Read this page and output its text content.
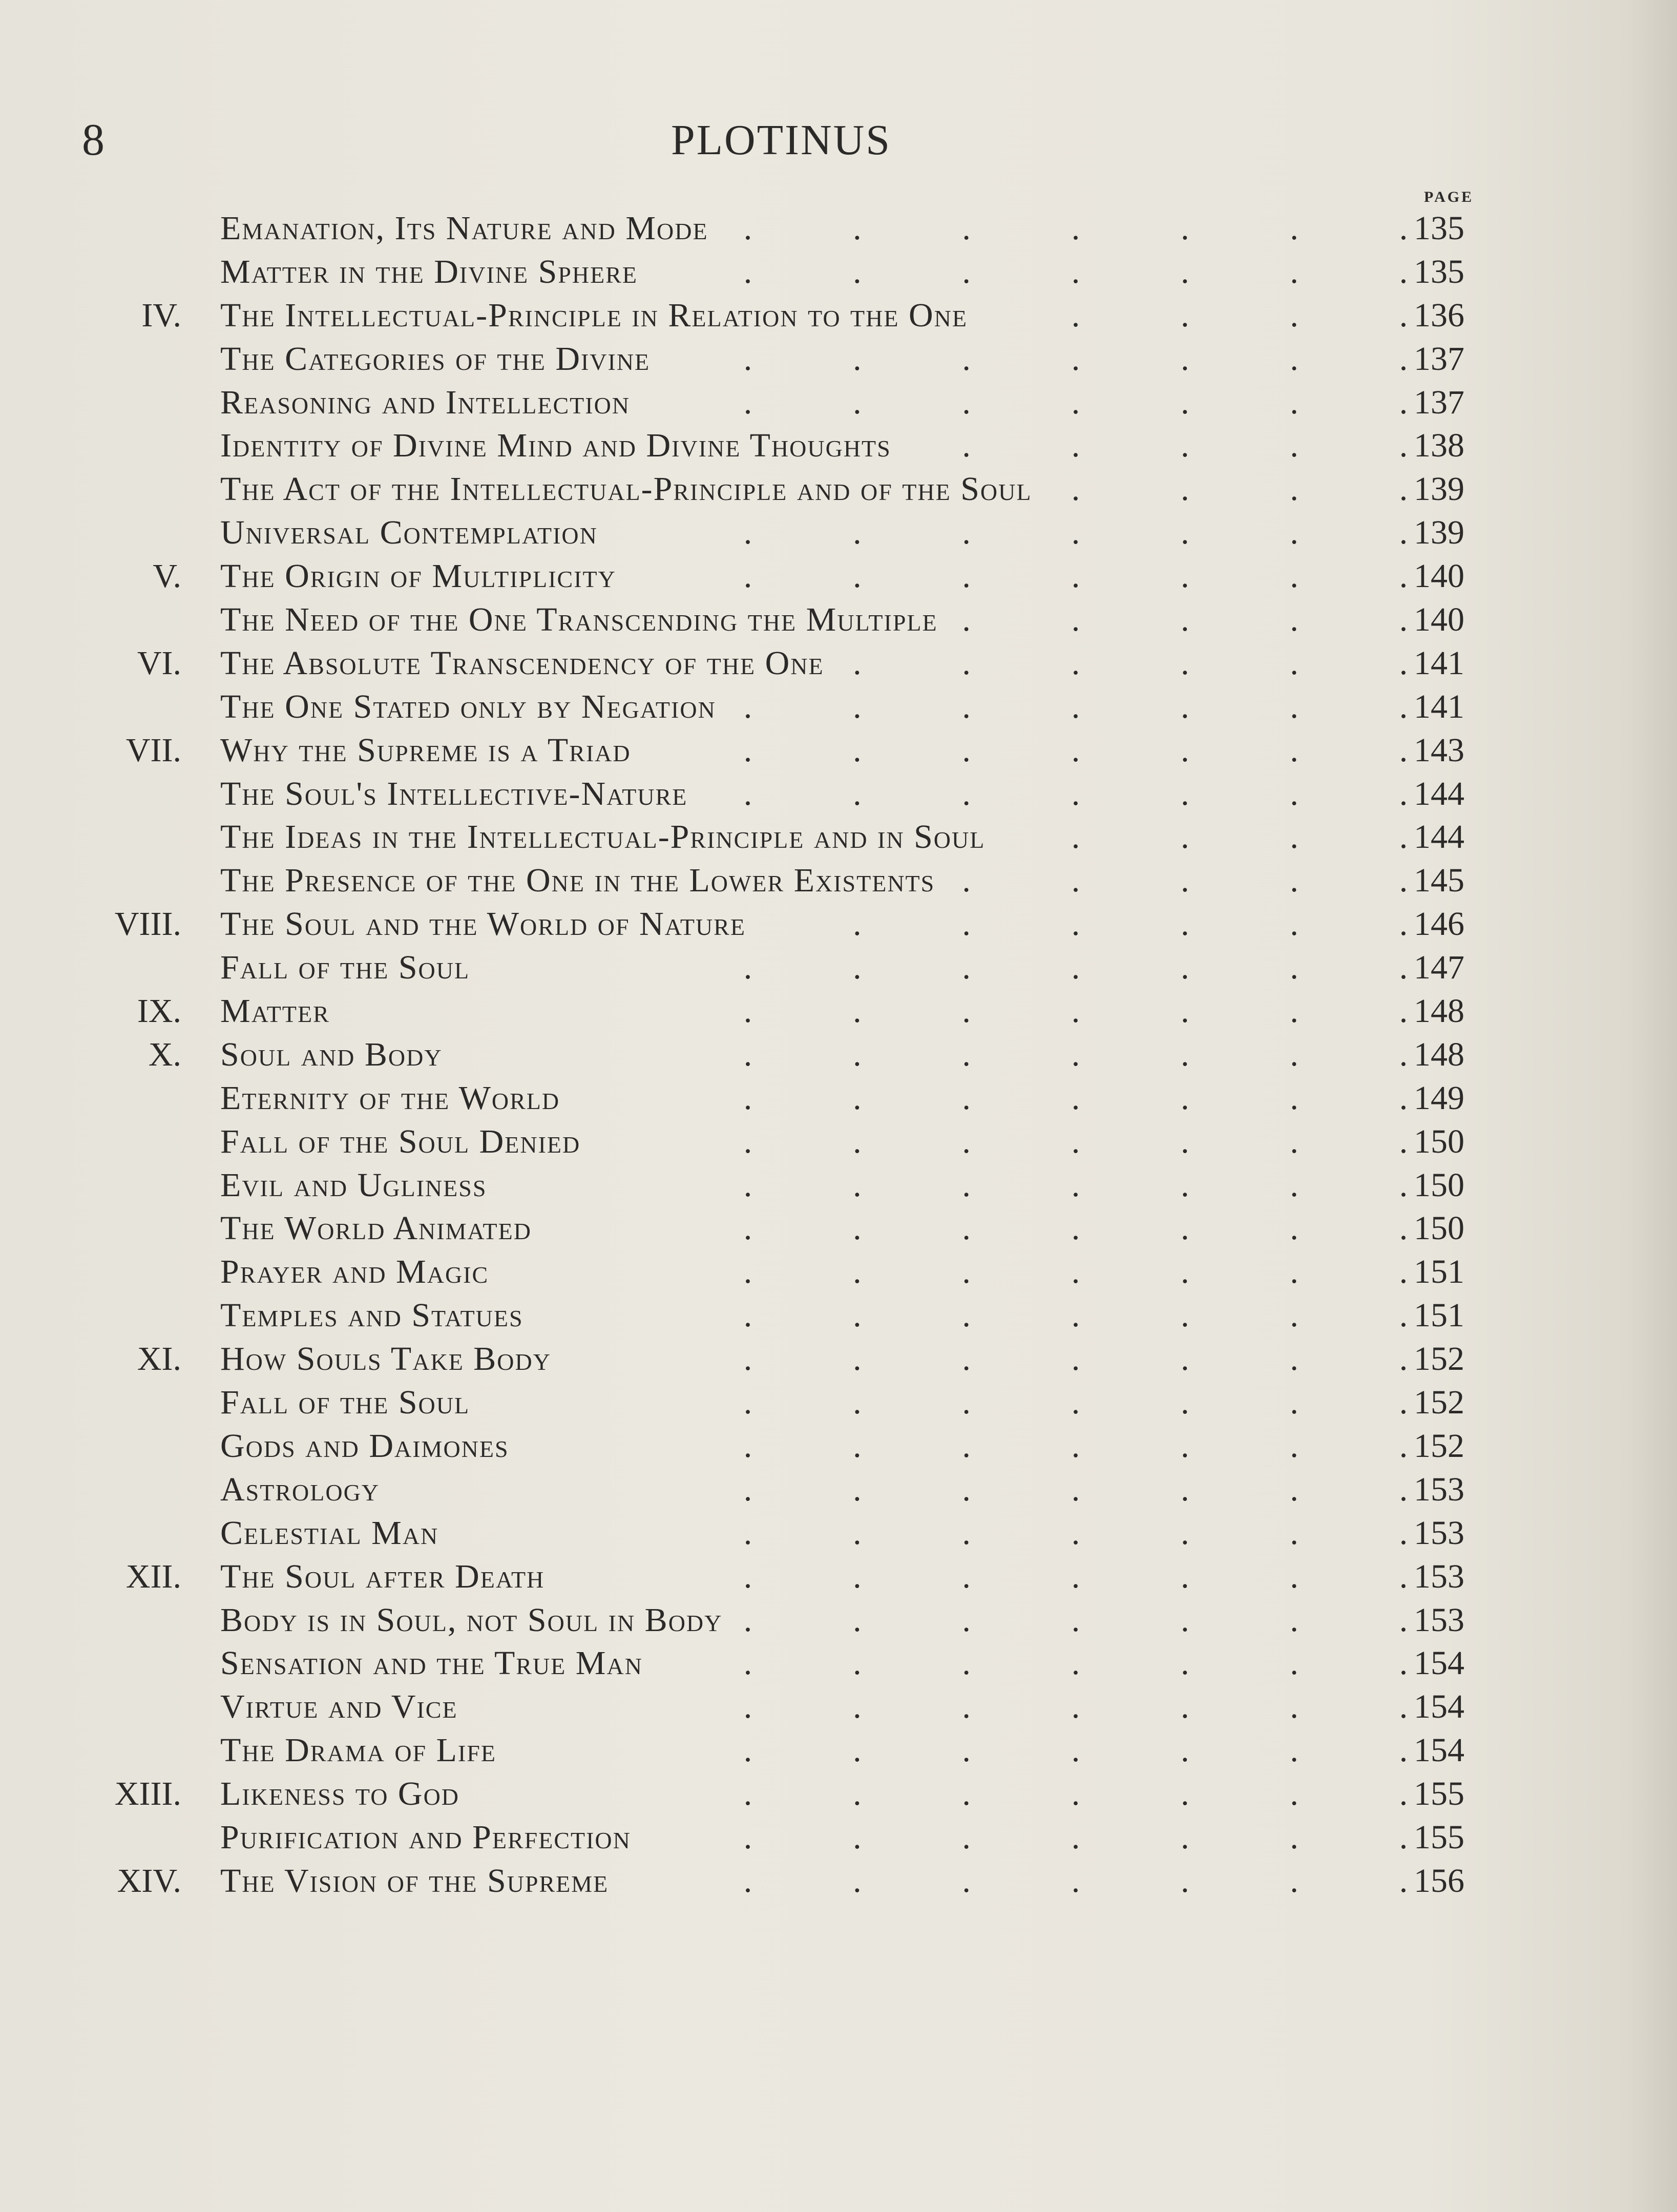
8	PLOTINUS
PAGE
Emanation, Its Nature and Mode .	.	.	.	.	.	. 135
Matter in the Divine Sphere	.	.	.	.	.	.	. 135
IV. The Intellectual-Principle in Relation to the One	.	.	.	. 136
The Categories of the Divine	.	.	.	.	.	.	. 137
Reasoning and Intellection	.	.	.	.	.	.	. 137
Identity of Divine Mind and Divine Thoughts .	.	.	.	. 138
The Act of the Intellectual-Principle and of the Soul .	.	.	. 139
Universal Contemplation	.	.	.	.	.	.	. 139
V. The Origin of Multiplicity	.	.	.	.	.	.	. 140
The Need of the One Transcending the Multiple .	.	.	.	. 140
VI. The Absolute Transcendency of the One .	.	.	.	.	. 141
The One Stated only by Negation .	.	.	.	.	.	. 141
VII. Why the Supreme is a Triad	.	.	.	.	.	.	. 143
The Soul's Intellective-Nature .	.	.	.	.	.	. 144
The Ideas in the Intellectual-Principle and in Soul	.	.	.	. 144
The Presence of the One in the Lower Existents .	.	.	.	. 145
VIII. The Soul and the World of Nature	.	.	.	.	.	. 146
Fall of the Soul	.	.	.	.	.	.	. 147
IX. Matter	.	.	.	.	.	.	. 148
X. Soul and Body	.	.	.	.	.	.	. 148
Eternity of the World	.	.	.	.	.	.	. 149
Fall of the Soul Denied	.	.	.	.	.	.	. 150
Evil and Ugliness	.	.	.	.	.	.	. 150
The World Animated	.	.	.	.	.	.	. 150
Prayer and Magic	.	.	.	.	.	.	. 151
Temples and Statues	.	.	.	.	.	.	. 151
XI. How Souls Take Body	.	.	.	.	.	.	. 152
Fall of the Soul	.	.	.	.	.	.	. 152
Gods and Daimones	.	.	.	.	.	.	. 152
Astrology	.	.	.	.	.	.	. 153
Celestial Man	.	.	.	.	.	.	. 153
XII. The Soul after Death	.	.	.	.	.	.	. 153
Body is in Soul, not Soul in Body .	.	.	.	.	.	. 153
Sensation and the True Man	.	.	.	.	.	.	. 154
Virtue and Vice	.	.	.	.	.	.	. 154
The Drama of Life	.	.	.	.	.	.	. 154
XIII. Likeness to God	.	.	.	.	.	.	. 155
Purification and Perfection	.	.	.	.	.	.	. 155
XIV. The Vision of the Supreme	.	.	.	.	.	.	. 156
